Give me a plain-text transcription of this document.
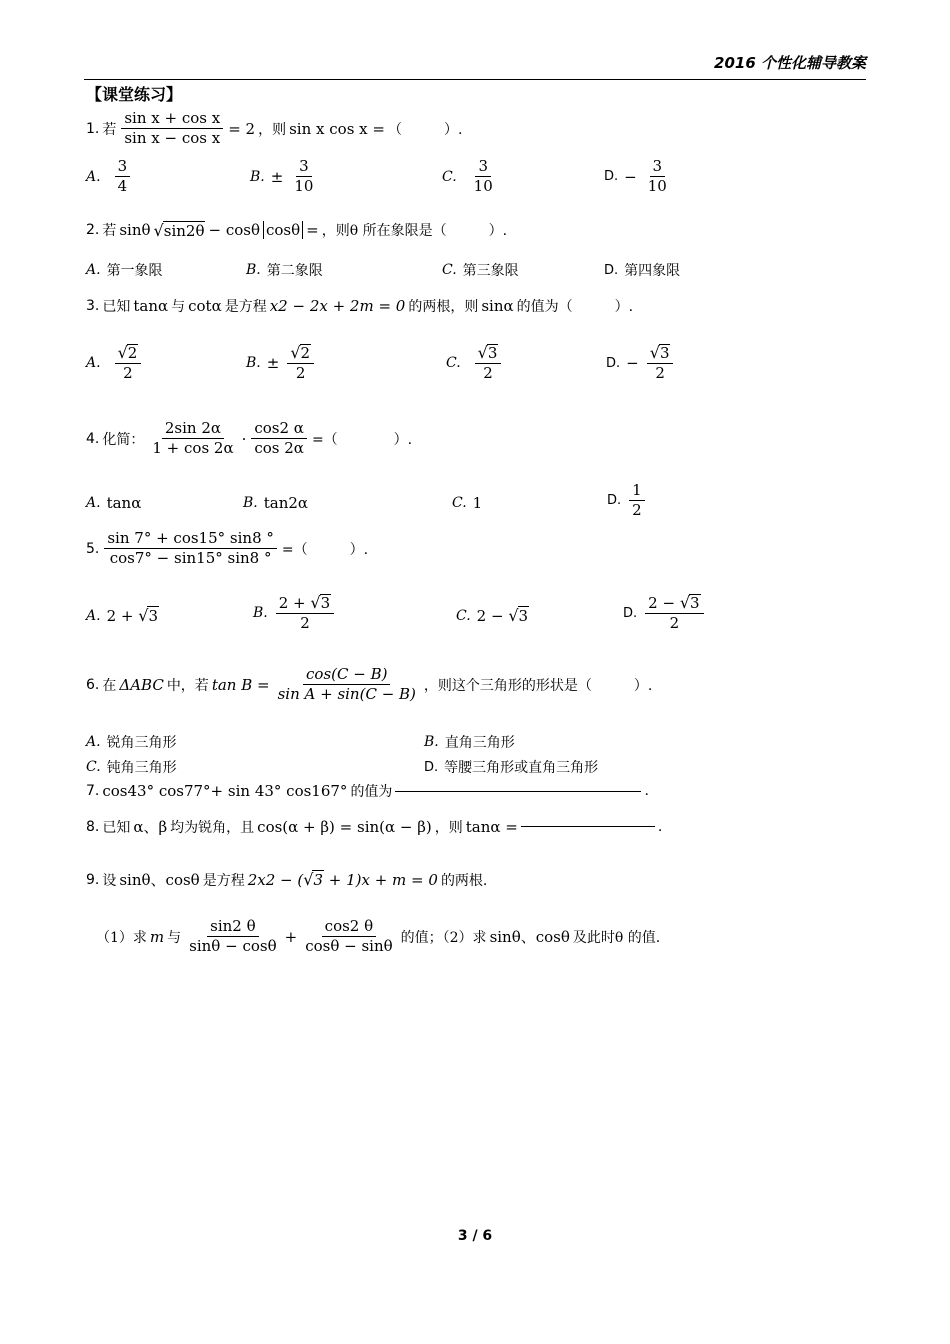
2016 个性化辅导教案
【课堂练习】
1. 若 $\frac{\text{sin x + cos x}}{\text{sin x − cos x}} = 2$ ，则 sin x cos x = （　　　）.
A. $\frac{3}{4}$	B. ± $\frac{3}{10}$	C. $\frac{3}{10}$	D. − $\frac{3}{10}$
2. 若 sinθ √sin2θ − cosθ cosθ = ，则θ 所在象限是（　　　）.
A. 第一象限	B. 第二象限	C. 第三象限	D. 第四象限
3. 已知 tanα 与 cotα 是方程 x2 − 2x + 2m = 0 的两根，则 sinα 的值为（　　　）.
A. $\frac{√2}{2}$	B. ± $\frac{√2}{2}$	C. $\frac{√3}{2}$	D. − $\frac{√3}{2}$
4. 化简： $\frac{2\sin 2\alpha}{1 + \cos 2\alpha} \cdot \frac{\cos 2 \alpha}{\cos 2\alpha}$ =（　　　　）.
A. tanα	B. tan2α	C. 1	D. $\frac{1}{2}$
5. $\frac{\sin 7^\circ + \cos 15^\circ \sin 8 ^\circ}{\cos 7^\circ - \sin 15^\circ \sin 8 ^\circ}$ =（　　　）.
A. 2 + √3	B. $\frac{2 + √3}{2}$	C. 2 − √3	D. $\frac{2 - √3}{2}$
6. 在 ΔABC 中，若 $\tan B = \frac{\cos(C - B)}{\text{sin A + sin(C − B)}}$ ，则这个三角形的形状是（　　　）.
A. 锐角三角形	B. 直角三角形
C. 钝角三角形	D. 等腰三角形或直角三角形
7. cos43° cos77°+ sin 43° cos167° 的值为	.
8. 已知 α、β 均为锐角，且 cos(α + β) = sin(α − β) ，则 tanα =	.
9. 设 sinθ、cosθ 是方程 2x2 − (√3 + 1)x + m = 0 的两根.
（1）求 m 与 $\frac{\sin 2 \theta}{\sin\theta - \cos\theta} + \frac{\cos 2 \theta}{\cos\theta - \sin\theta}$ 的值；（2）求 sinθ、cosθ 及此时θ 的值.
3 / 6
